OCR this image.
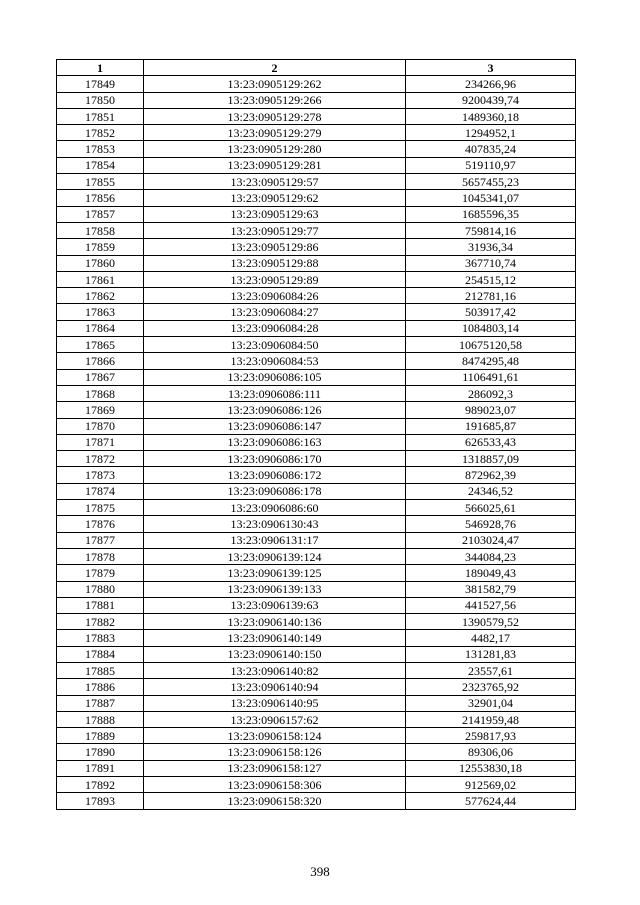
1	2	3
17849	13:23:0905129:262	234266,96
17850	13:23:0905129:266	9200439,74
17851	13:23:0905129:278	1489360,18
17852	13:23:0905129:279	1294952,1
17853	13:23:0905129:280	407835,24
17854	13:23:0905129:281	519110,97
17855	13:23:0905129:57	5657455,23
17856	13:23:0905129:62	1045341,07
17857	13:23:0905129:63	1685596,35
17858	13:23:0905129:77	759814,16
17859	13:23:0905129:86	31936,34
17860	13:23:0905129:88	367710,74
17861	13:23:0905129:89	254515,12
17862	13:23:0906084:26	212781,16
17863	13:23:0906084:27	503917,42
17864	13:23:0906084:28	1084803,14
17865	13:23:0906084:50	10675120,58
17866	13:23:0906084:53	8474295,48
17867	13:23:0906086:105	1106491,61
17868	13:23:0906086:111	286092,3
17869	13:23:0906086:126	989023,07
17870	13:23:0906086:147	191685,87
17871	13:23:0906086:163	626533,43
17872	13:23:0906086:170	1318857,09
17873	13:23:0906086:172	872962,39
17874	13:23:0906086:178	24346,52
17875	13:23:0906086:60	566025,61
17876	13:23:0906130:43	546928,76
17877	13:23:0906131:17	2103024,47
17878	13:23:0906139:124	344084,23
17879	13:23:0906139:125	189049,43
17880	13:23:0906139:133	381582,79
17881	13:23:0906139:63	441527,56
17882	13:23:0906140:136	1390579,52
17883	13:23:0906140:149	4482,17
17884	13:23:0906140:150	131281,83
17885	13:23:0906140:82	23557,61
17886	13:23:0906140:94	2323765,92
17887	13:23:0906140:95	32901,04
17888	13:23:0906157:62	2141959,48
17889	13:23:0906158:124	259817,93
17890	13:23:0906158:126	89306,06
17891	13:23:0906158:127	12553830,18
17892	13:23:0906158:306	912569,02
17893	13:23:0906158:320	577624,44
398
